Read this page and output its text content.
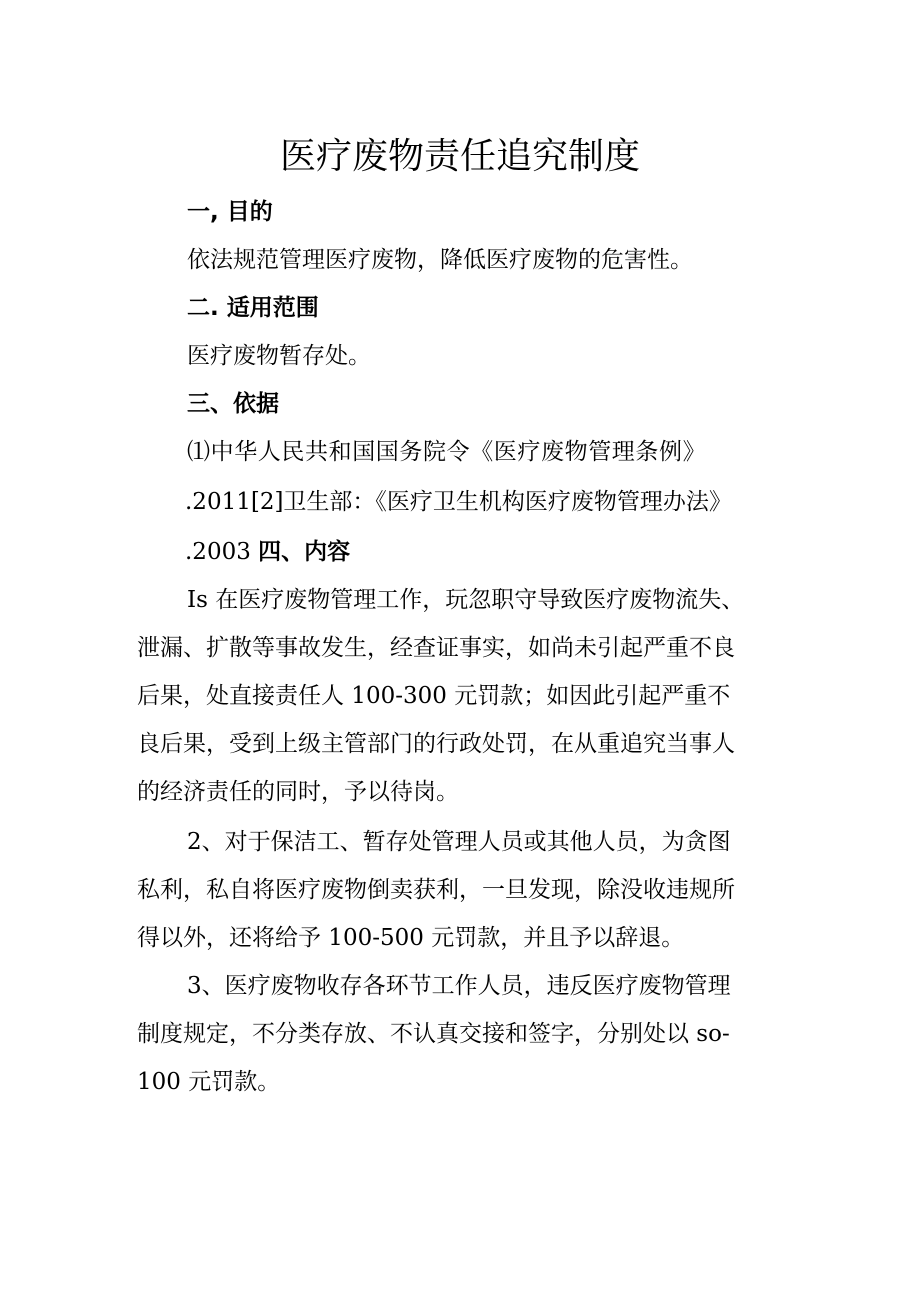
医疗废物责任追究制度
一, 目的
依法规范管理医疗废物，降低医疗废物的危害性。
二. 适用范围
医疗废物暂存处。
三、依据
⑴中华人民共和国国务院令《医疗废物管理条例》
.2011[2]卫生部：《医疗卫生机构医疗废物管理办法》
.2003 四、内容
Is 在医疗废物管理工作，玩忽职守导致医疗废物流失、
泄漏、扩散等事故发生，经查证事实，如尚未引起严重不良
后果，处直接责任人 100-300 元罚款；如因此引起严重不
良后果，受到上级主管部门的行政处罚，在从重追究当事人
的经济责任的同时，予以待岗。
2、对于保洁工、暂存处管理人员或其他人员，为贪图
私利，私自将医疗废物倒卖获利，一旦发现，除没收违规所
得以外，还将给予 100-500 元罚款，并且予以辞退。
3、医疗废物收存各环节工作人员，违反医疗废物管理
制度规定，不分类存放、不认真交接和签字，分别处以 so-
100 元罚款。
